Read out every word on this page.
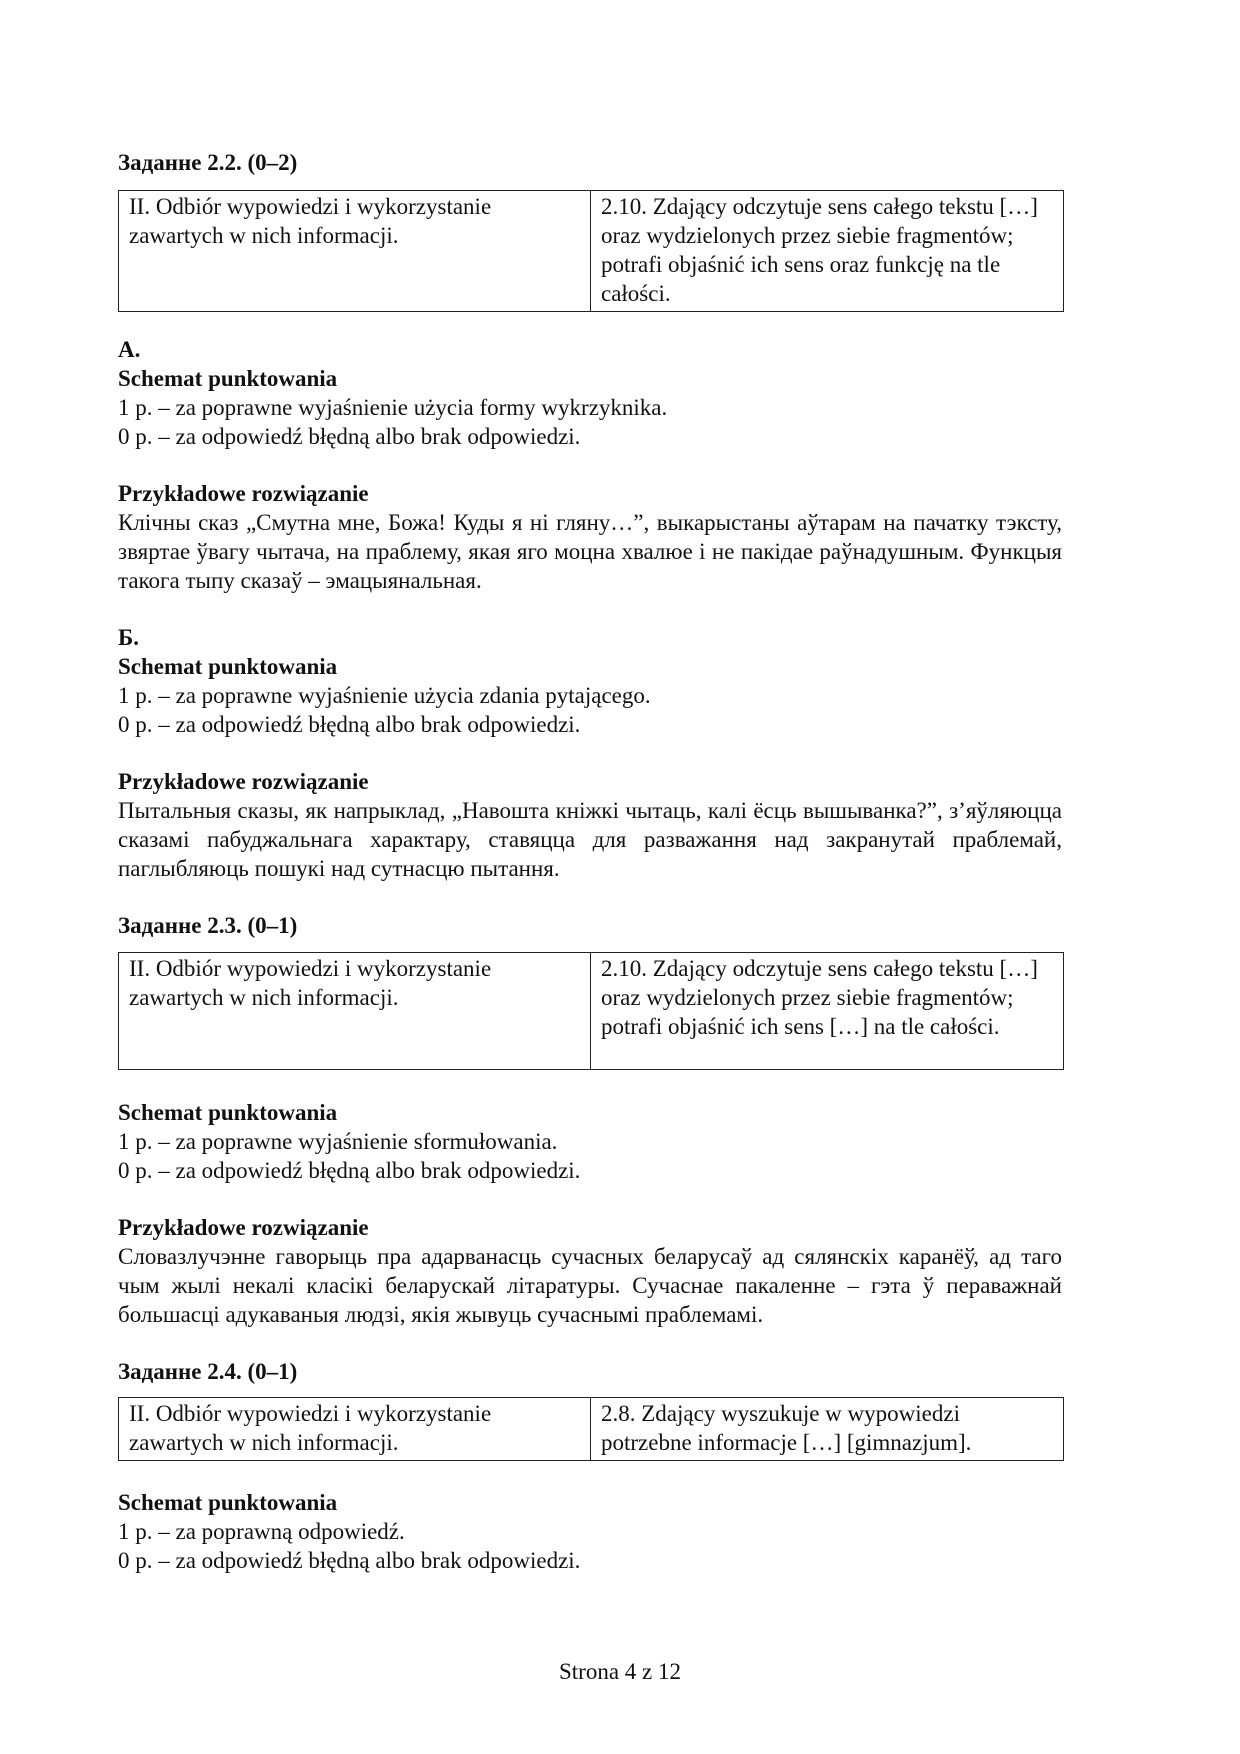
Заданне 2.2. (0–2)

II. Odbiór wypowiedzi i wykorzystanie zawartych w nich informacji.	2.10. Zdający odczytuje sens całego tekstu […] oraz wydzielonych przez siebie fragmentów; potrafi objaśnić ich sens oraz funkcję na tle całości.

A.

Schemat punktowania

1 p. – za poprawne wyjaśnienie użycia formy wykrzyknika.

0 p. – za odpowiedź błędną albo brak odpowiedzi.

Przykładowe rozwiązanie

Клічны сказ „Смутна мне, Божа! Куды я ні гляну…”, выкарыстаны аўтарам на пачатку тэксту, звяртае ўвагу чытача, на праблему, якая яго моцна хвалюе і не пакідае раўнадушным. Функцыя такога тыпу сказаў – эмацыянальная.

Б.

Schemat punktowania

1 p. – za poprawne wyjaśnienie użycia zdania pytającego.

0 p. – za odpowiedź błędną albo brak odpowiedzi.

Przykładowe rozwiązanie

Пытальныя сказы, як напрыклад, „Навошта кніжкі чытаць, калі ёсць вышыванка?”, з’яўляюцца сказамі пабуджальнага характару, ставяцца для разважання над закранутай праблемай, паглыбляюць пошукі над сутнасцю пытання.

Заданне 2.3. (0–1)

II. Odbiór wypowiedzi i wykorzystanie zawartych w nich informacji.	2.10. Zdający odczytuje sens całego tekstu […] oraz wydzielonych przez siebie fragmentów; potrafi objaśnić ich sens […] na tle całości.

Schemat punktowania

1 p. – za poprawne wyjaśnienie sformułowania.

0 p. – za odpowiedź błędną albo brak odpowiedzi.

Przykładowe rozwiązanie

Словазлучэнне гаворыць пра адарванасць сучасных беларусаў ад сялянскіх каранёў, ад таго чым жылі некалі класікі беларускай літаратуры. Сучаснае пакаленне – гэта ў пераважнай большасці адукаваныя людзі, якія жывуць сучаснымі праблемамі.

Заданне 2.4. (0–1)

II. Odbiór wypowiedzi i wykorzystanie zawartych w nich informacji.	2.8. Zdający wyszukuje w wypowiedzi potrzebne informacje […] [gimnazjum].

Schemat punktowania

1 p. – za poprawną odpowiedź.

0 p. – za odpowiedź błędną albo brak odpowiedzi.

Strona 4 z 12
